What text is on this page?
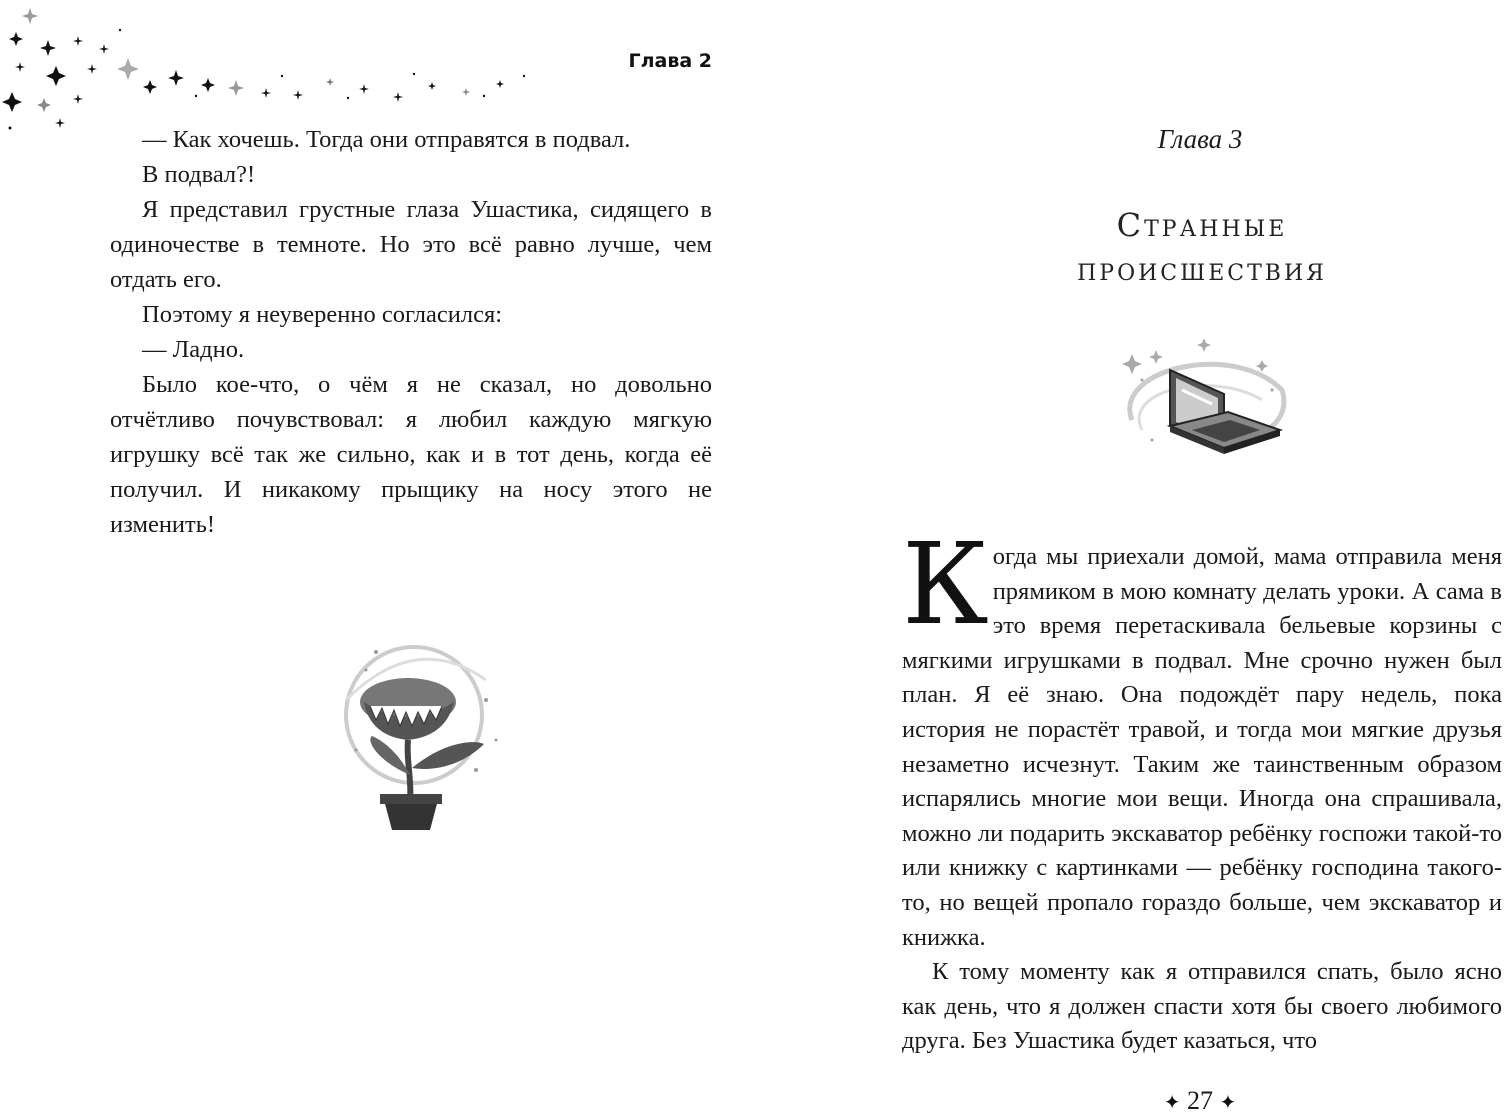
Глава 2

— Как хочешь. Тогда они отправятся в подвал.

В подвал?!

Я представил грустные глаза Ушастика, сидящего в одиночестве в темноте. Но это всё равно лучше, чем отдать его.

Поэтому я неуверенно согласился:

— Ладно.

Было кое-что, о чём я не сказал, но довольно отчётливо почувствовал: я любил каждую мягкую игрушку всё так же сильно, как и в тот день, когда её получил. И никакому прыщику на носу этого не изменить!

Глава 3
Странные
происшествия

Когда мы приехали домой, мама отправила меня прямиком в мою комнату делать уроки. А сама в это время перетаскивала бельевые корзины с мягкими игрушками в подвал. Мне срочно нужен был план. Я её знаю. Она подождёт пару недель, пока история не порастёт травой, и тогда мои мягкие друзья незаметно исчезнут. Таким же таинственным образом испарялись многие мои вещи. Иногда она спрашивала, можно ли подарить экскаватор ребёнку госпожи такой-то или книжку с картинками — ребёнку господина такого-то, но вещей пропало гораздо больше, чем экскаватор и книжка.

К тому моменту как я отправился спать, было ясно как день, что я должен спасти хотя бы своего любимого друга. Без Ушастика будет казаться, что

✦ 27 ✦
